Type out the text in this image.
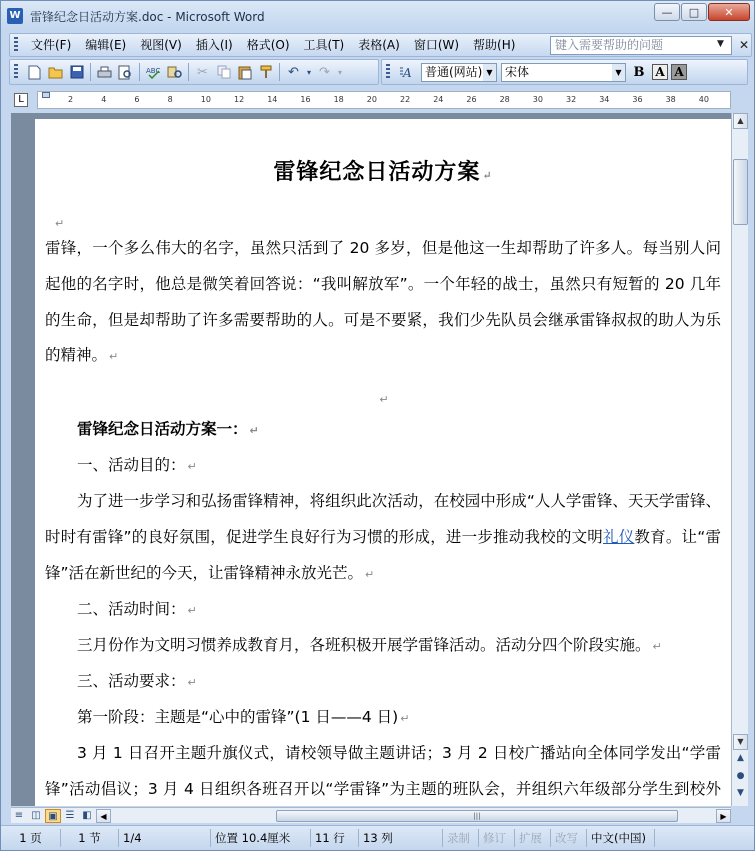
W 雷锋纪念日活动方案.doc - Microsoft Word	—	□	✕
文件(F)	编辑(E)	视图(V)	插入(I)	格式(O)	工具(T)	表格(A)	窗口(W)	帮助(H)	键入需要帮助的问题	▼ ✕
ABC	✂	↶	▾ ↷	▾	A	普通(网站) ▼	宋体	▼ B A A
L	2	4	6	8	10	12	14	16	18	20	22	24	26	28	30	32	34	36	38	40
雷锋纪念日活动方案 ↵
↵
雷锋，一个多么伟大的名字，虽然只活到了 20 多岁，但是他这一生却帮助了许多人。每当别人问起他的名字时，他总是微笑着回答说：“我叫解放军”。一个年轻的战士，虽然只有短暂的 20 几年的生命，但是却帮助了许多需要帮助的人。可是不要紧，我们少先队员会继承雷锋叔叔的助人为乐的精神。 ↵
↵
雷锋纪念日活动方案一： ↵
一、活动目的： ↵
为了进一步学习和弘扬雷锋精神，将组织此次活动，在校园中形成“人人学雷锋、天天学雷锋、时时有雷锋”的良好氛围，促进学生良好行为习惯的形成，进一步推动我校的文明礼仪教育。让“雷锋”活在新世纪的今天，让雷锋精神永放光芒。 ↵
二、活动时间： ↵
三月份作为文明习惯养成教育月，各班积极开展学雷锋活动。活动分四个阶段实施。 ↵
三、活动要求： ↵
第一阶段：主题是“心中的雷锋”(1 日——4 日) ↵
3 月 1 日召开主题升旗仪式，请校领导做主题讲话；3 月 2 日校广播站向全体同学发出“学雷锋”活动倡议；3 月 4 日组织各班召开以“学雷锋”为主题的班队会，并组织六年级部分学生到校外
▲
▼
▲
●
▼
≡ ◫ ▣ ☰ ◧	◀	|||	▶
1 页	1 节	1/4	位置 10.4厘米	11 行	13 列	录制	修订	扩展	改写	中文(中国)
